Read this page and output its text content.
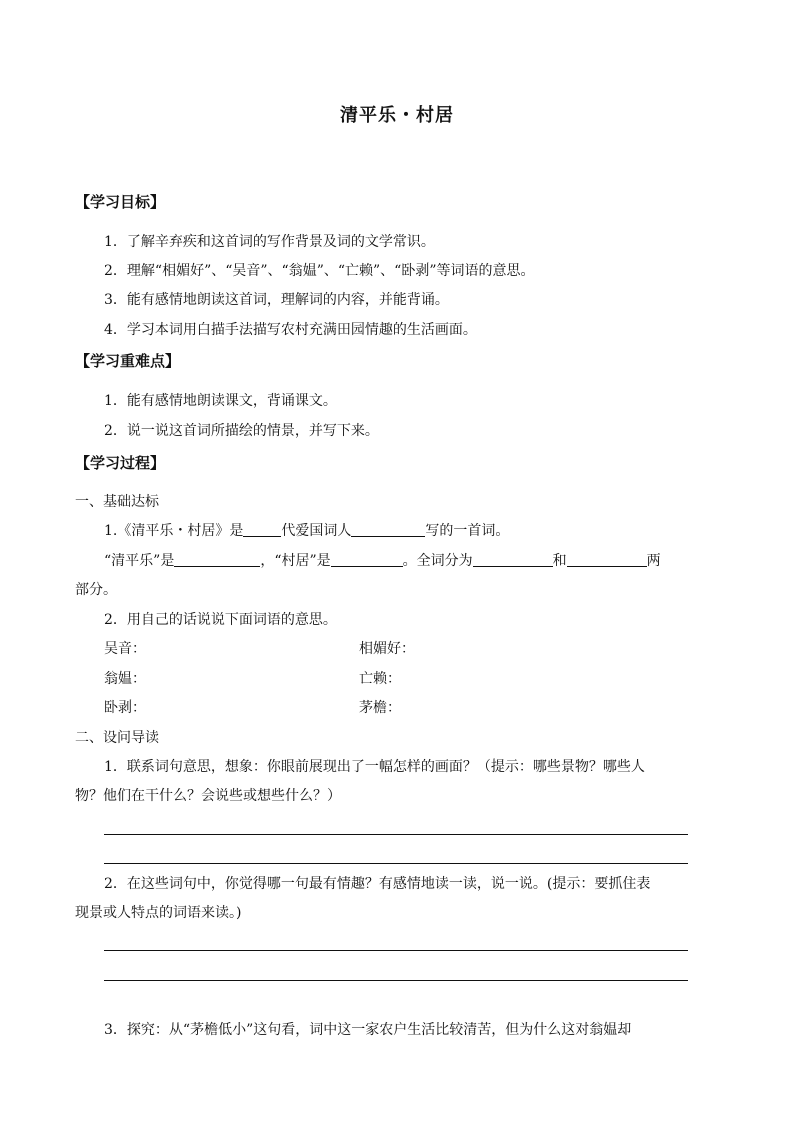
清平乐・村居
【学习目标】
1．了解辛弃疾和这首词的写作背景及词的文学常识。
2．理解“相媚好”、“吴音”、“翁媪”、“亡赖”、“卧剥”等词语的意思。
3．能有感情地朗读这首词，理解词的内容，并能背诵。
4．学习本词用白描手法描写农村充满田园情趣的生活画面。
【学习重难点】
1．能有感情地朗读课文，背诵课文。
2．说一说这首词所描绘的情景，并写下来。
【学习过程】
一、基础达标
1.《清平乐・村居》是	代爱国词人	写的一首词。
“清平乐”是	，“村居”是	。全词分为	和	两
部分。
2．用自己的话说说下面词语的意思。
吴音：	相媚好：
翁媪：	亡赖：
卧剥：	茅檐：
二、设问导读
1．联系词句意思，想象：你眼前展现出了一幅怎样的画面？（提示：哪些景物？哪些人
物？他们在干什么？会说些或想些什么？）
2．在这些词句中，你觉得哪一句最有情趣？有感情地读一读，说一说。(提示：要抓住表
现景或人特点的词语来读。)
3．探究：从“茅檐低小”这句看，词中这一家农户生活比较清苦，但为什么这对翁媪却
